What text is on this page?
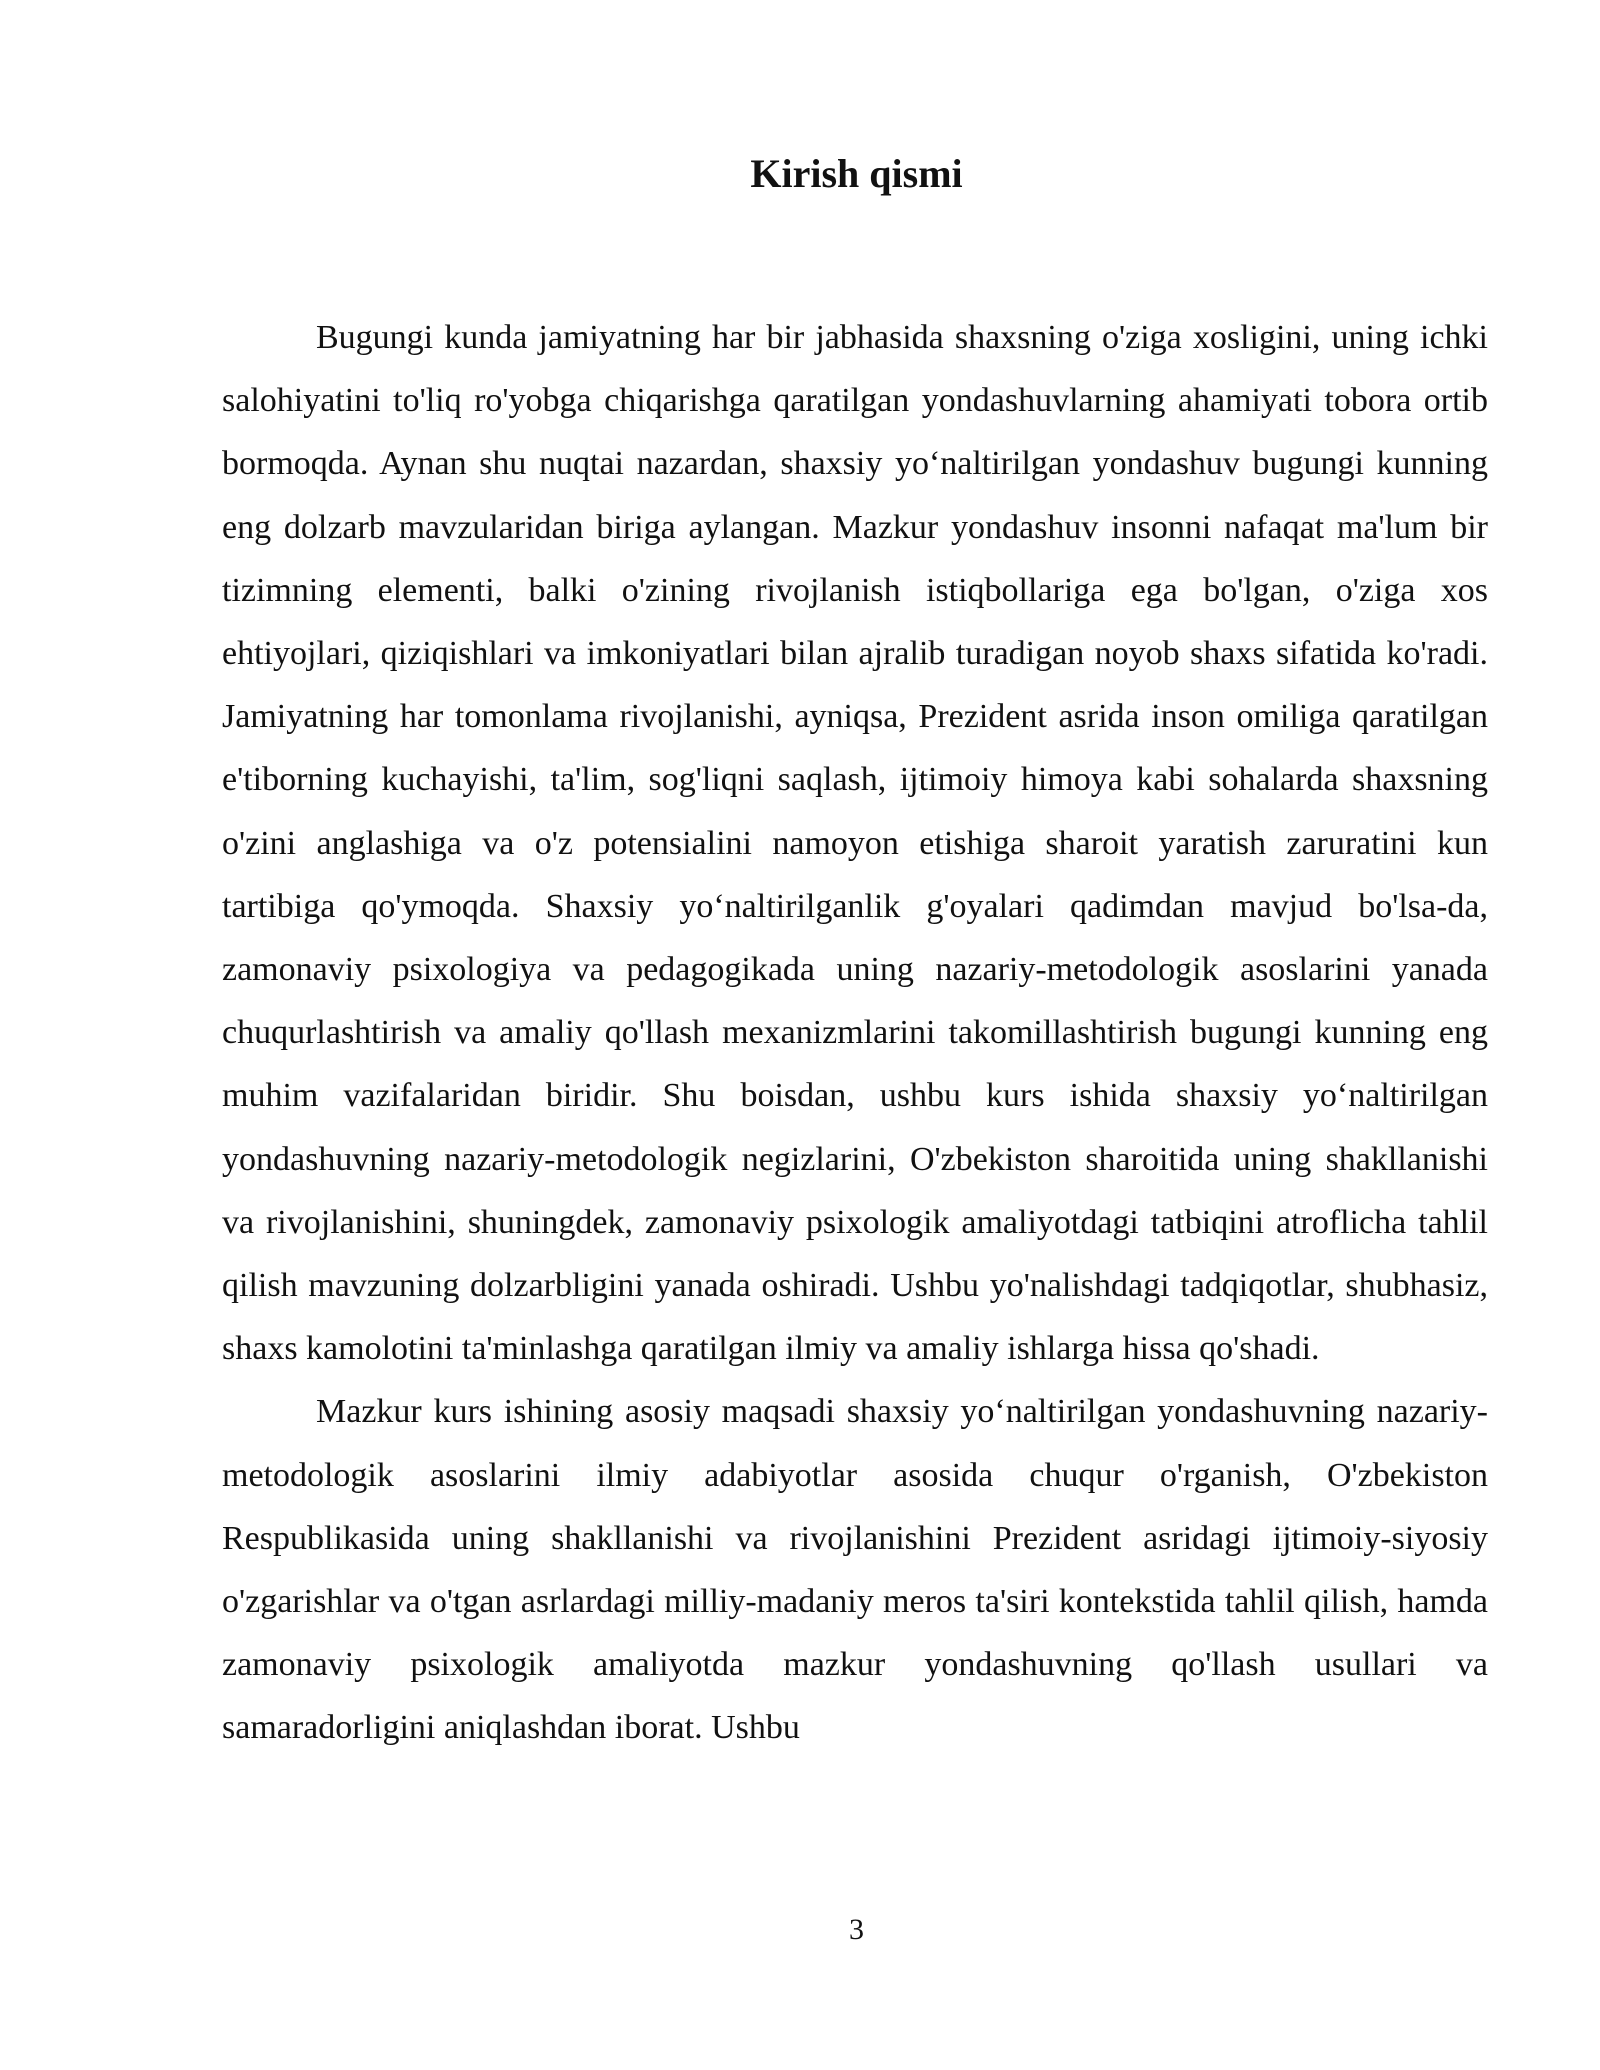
Kirish qismi

Bugungi kunda jamiyatning har bir jabhasida shaxsning o'ziga xosligini, uning ichki salohiyatini to'liq ro'yobga chiqarishga qaratilgan yondashuvlarning ahamiyati tobora ortib bormoqda. Aynan shu nuqtai nazardan, shaxsiy yo‘naltirilgan yondashuv bugungi kunning eng dolzarb mavzularidan biriga aylangan. Mazkur yondashuv insonni nafaqat ma'lum bir tizimning elementi, balki o'zining rivojlanish istiqbollariga ega bo'lgan, o'ziga xos ehtiyojlari, qiziqishlari va imkoniyatlari bilan ajralib turadigan noyob shaxs sifatida ko'radi. Jamiyatning har tomonlama rivojlanishi, ayniqsa, Prezident asrida inson omiliga qaratilgan e'tiborning kuchayishi, ta'lim, sog'liqni saqlash, ijtimoiy himoya kabi sohalarda shaxsning o'zini anglashiga va o'z potensialini namoyon etishiga sharoit yaratish zaruratini kun tartibiga qo'ymoqda. Shaxsiy yo‘naltirilganlik g'oyalari qadimdan mavjud bo'lsa-da, zamonaviy psixologiya va pedagogikada uning nazariy-metodologik asoslarini yanada chuqurlashtirish va amaliy qo'llash mexanizmlarini takomillashtirish bugungi kunning eng muhim vazifalaridan biridir. Shu boisdan, ushbu kurs ishida shaxsiy yo‘naltirilgan yondashuvning nazariy-metodologik negizlarini, O'zbekiston sharoitida uning shakllanishi va rivojlanishini, shuningdek, zamonaviy psixologik amaliyotdagi tatbiqini atroflicha tahlil qilish mavzuning dolzarbligini yanada oshiradi. Ushbu yo'nalishdagi tadqiqotlar, shubhasiz, shaxs kamolotini ta'minlashga qaratilgan ilmiy va amaliy ishlarga hissa qo'shadi.

Mazkur kurs ishining asosiy maqsadi shaxsiy yo‘naltirilgan yondashuvning nazariy-metodologik asoslarini ilmiy adabiyotlar asosida chuqur o'rganish, O'zbekiston Respublikasida uning shakllanishi va rivojlanishini Prezident asridagi ijtimoiy-siyosiy o'zgarishlar va o'tgan asrlardagi milliy-madaniy meros ta'siri kontekstida tahlil qilish, hamda zamonaviy psixologik amaliyotda mazkur yondashuvning qo'llash usullari va samaradorligini aniqlashdan iborat. Ushbu

3
